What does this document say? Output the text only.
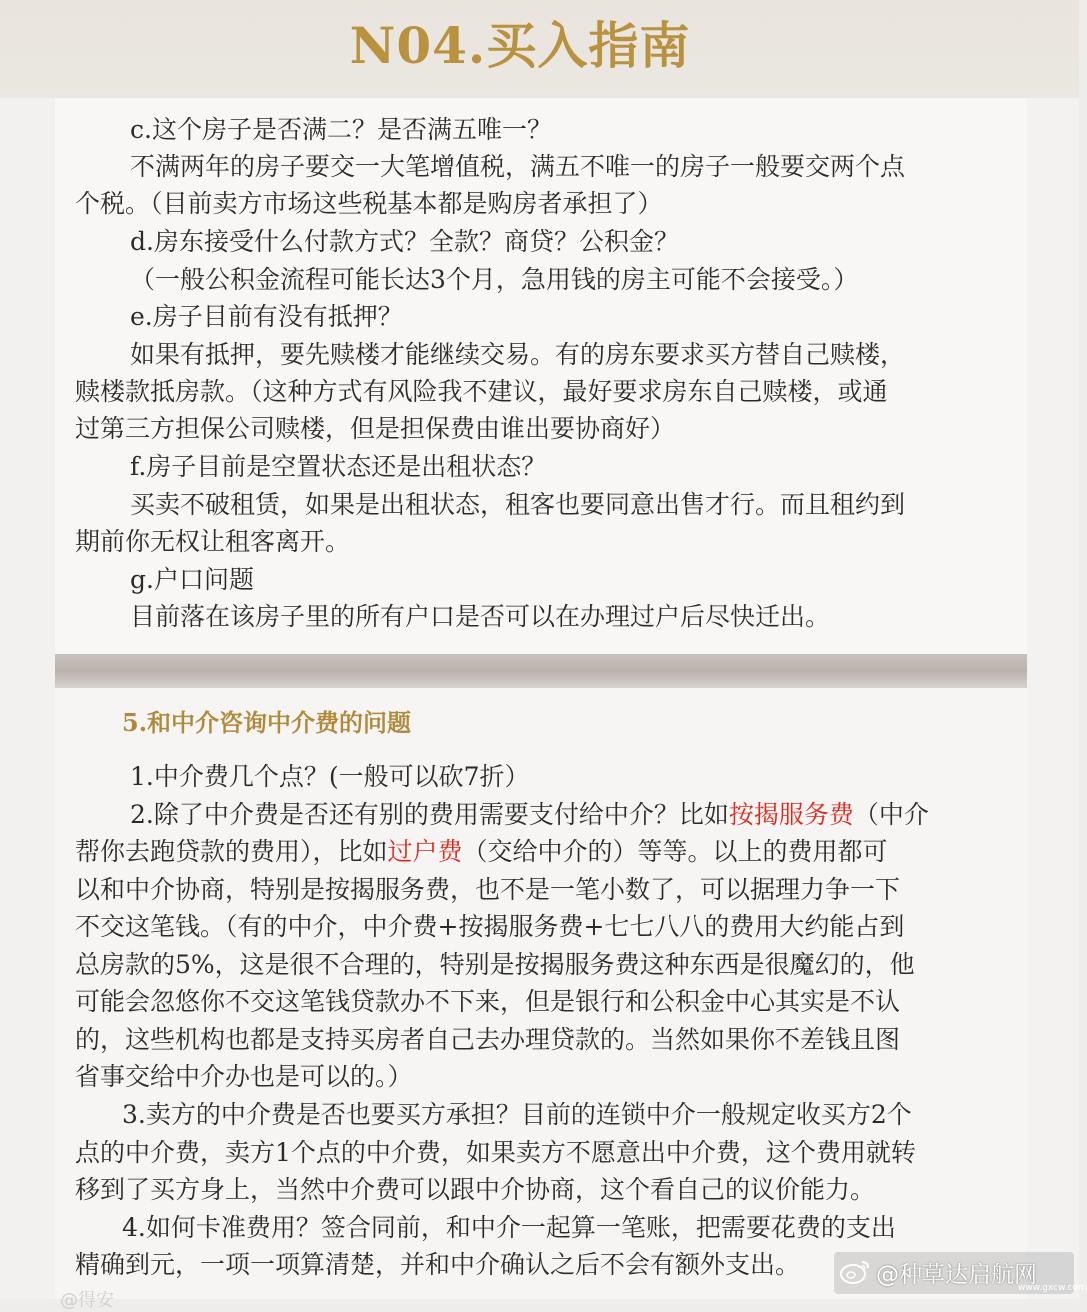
N04.买入指南
c.这个房子是否满二？是否满五唯一？
不满两年的房子要交一大笔增值税，满五不唯一的房子一般要交两个点
个税。（目前卖方市场这些税基本都是购房者承担了）
d.房东接受什么付款方式？全款？商贷？公积金？
（一般公积金流程可能长达3个月，急用钱的房主可能不会接受。）
e.房子目前有没有抵押？
如果有抵押，要先赎楼才能继续交易。有的房东要求买方替自己赎楼，
赎楼款抵房款。（这种方式有风险我不建议，最好要求房东自己赎楼，或通
过第三方担保公司赎楼，但是担保费由谁出要协商好）
f.房子目前是空置状态还是出租状态？
买卖不破租赁，如果是出租状态，租客也要同意出售才行。而且租约到
期前你无权让租客离开。
g.户口问题
目前落在该房子里的所有户口是否可以在办理过户后尽快迁出。
5.和中介咨询中介费的问题
1.中介费几个点？(一般可以砍7折）
2.除了中介费是否还有别的费用需要支付给中介？比如按揭服务费（中介
帮你去跑贷款的费用），比如过户费（交给中介的）等等。以上的费用都可
以和中介协商，特别是按揭服务费，也不是一笔小数了，可以据理力争一下
不交这笔钱。（有的中介，中介费+按揭服务费+七七八八的费用大约能占到
总房款的5%，这是很不合理的，特别是按揭服务费这种东西是很魔幻的，他
可能会忽悠你不交这笔钱贷款办不下来，但是银行和公积金中心其实是不认
的，这些机构也都是支持买房者自己去办理贷款的。当然如果你不差钱且图
省事交给中介办也是可以的。）
3.卖方的中介费是否也要买方承担？目前的连锁中介一般规定收买方2个
点的中介费，卖方1个点的中介费，如果卖方不愿意出中介费，这个费用就转
移到了买方身上，当然中介费可以跟中介协商，这个看自己的议价能力。
4.如何卡准费用？签合同前，和中介一起算一笔账，把需要花费的支出
精确到元，一项一项算清楚，并和中介确认之后不会有额外支出。	@种草达启航网
www.gxcw.com
@得安
